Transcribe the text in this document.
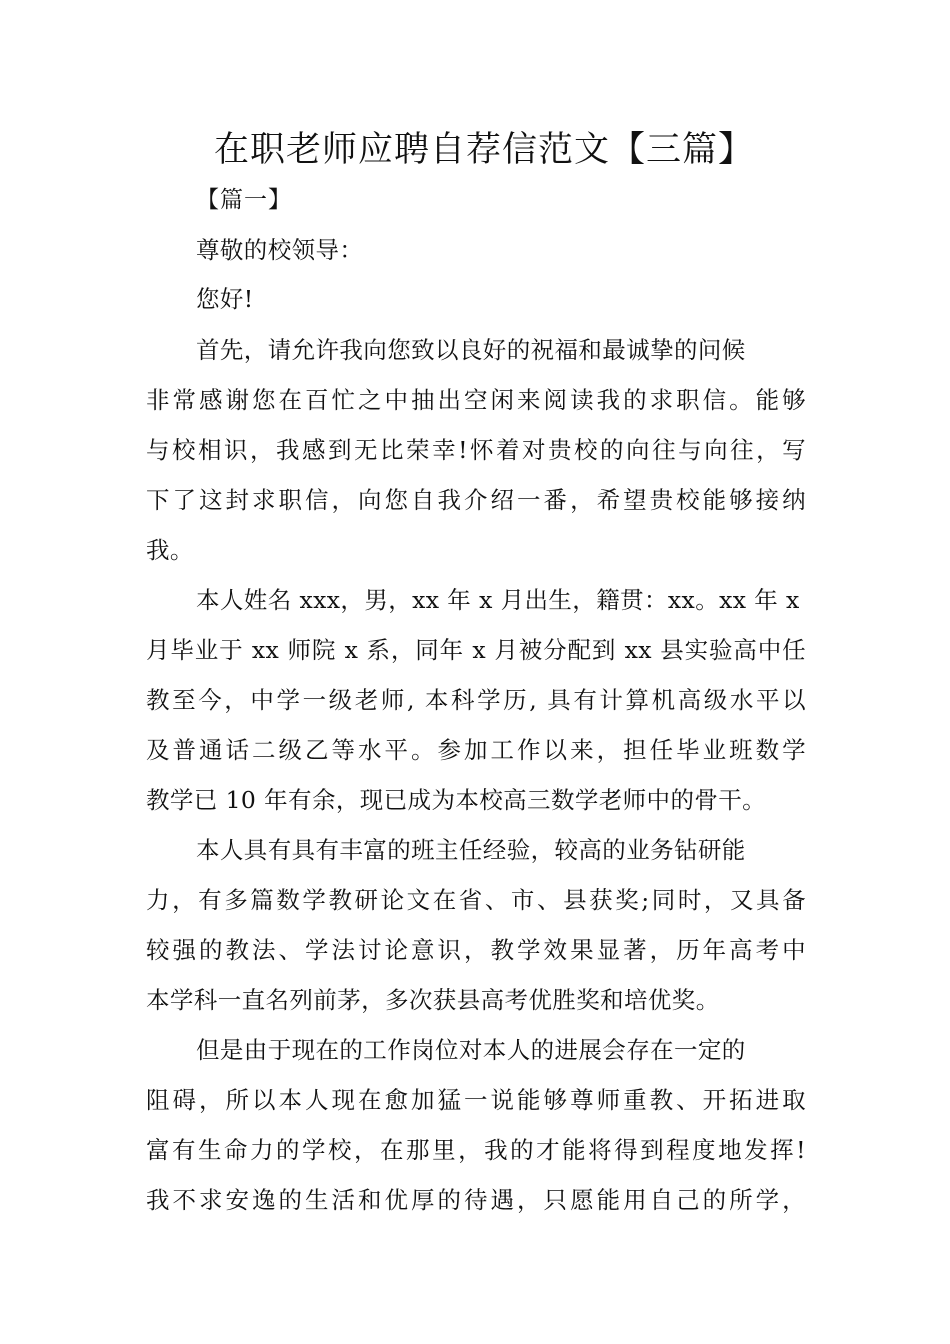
在职老师应聘自荐信范文【三篇】
【篇一】
尊敬的校领导：
您好!
首先，请允许我向您致以良好的祝福和最诚挚的问候
非常感谢您在百忙之中抽出空闲来阅读我的求职信。能够
与校相识，我感到无比荣幸!怀着对贵校的向往与向往，写
下了这封求职信，向您自我介绍一番，希望贵校能够接纳
我。
本人姓名 xxx，男，xx 年 x 月出生，籍贯：xx。xx 年 x
月毕业于 xx 师院 x 系，同年 x 月被分配到 xx 县实验高中任
教至今，中学一级老师, 本科学历, 具有计算机高级水平以
及普通话二级乙等水平。参加工作以来，担任毕业班数学
教学已 10 年有余，现已成为本校高三数学老师中的骨干。
本人具有具有丰富的班主任经验，较高的业务钻研能
力，有多篇数学教研论文在省、市、县获奖;同时，又具备
较强的教法、学法讨论意识，教学效果显著，历年高考中
本学科一直名列前茅，多次获县高考优胜奖和培优奖。
但是由于现在的工作岗位对本人的进展会存在一定的
阻碍，所以本人现在愈加猛一说能够尊师重教、开拓进取
富有生命力的学校，在那里，我的才能将得到程度地发挥!
我不求安逸的生活和优厚的待遇，只愿能用自己的所学，
